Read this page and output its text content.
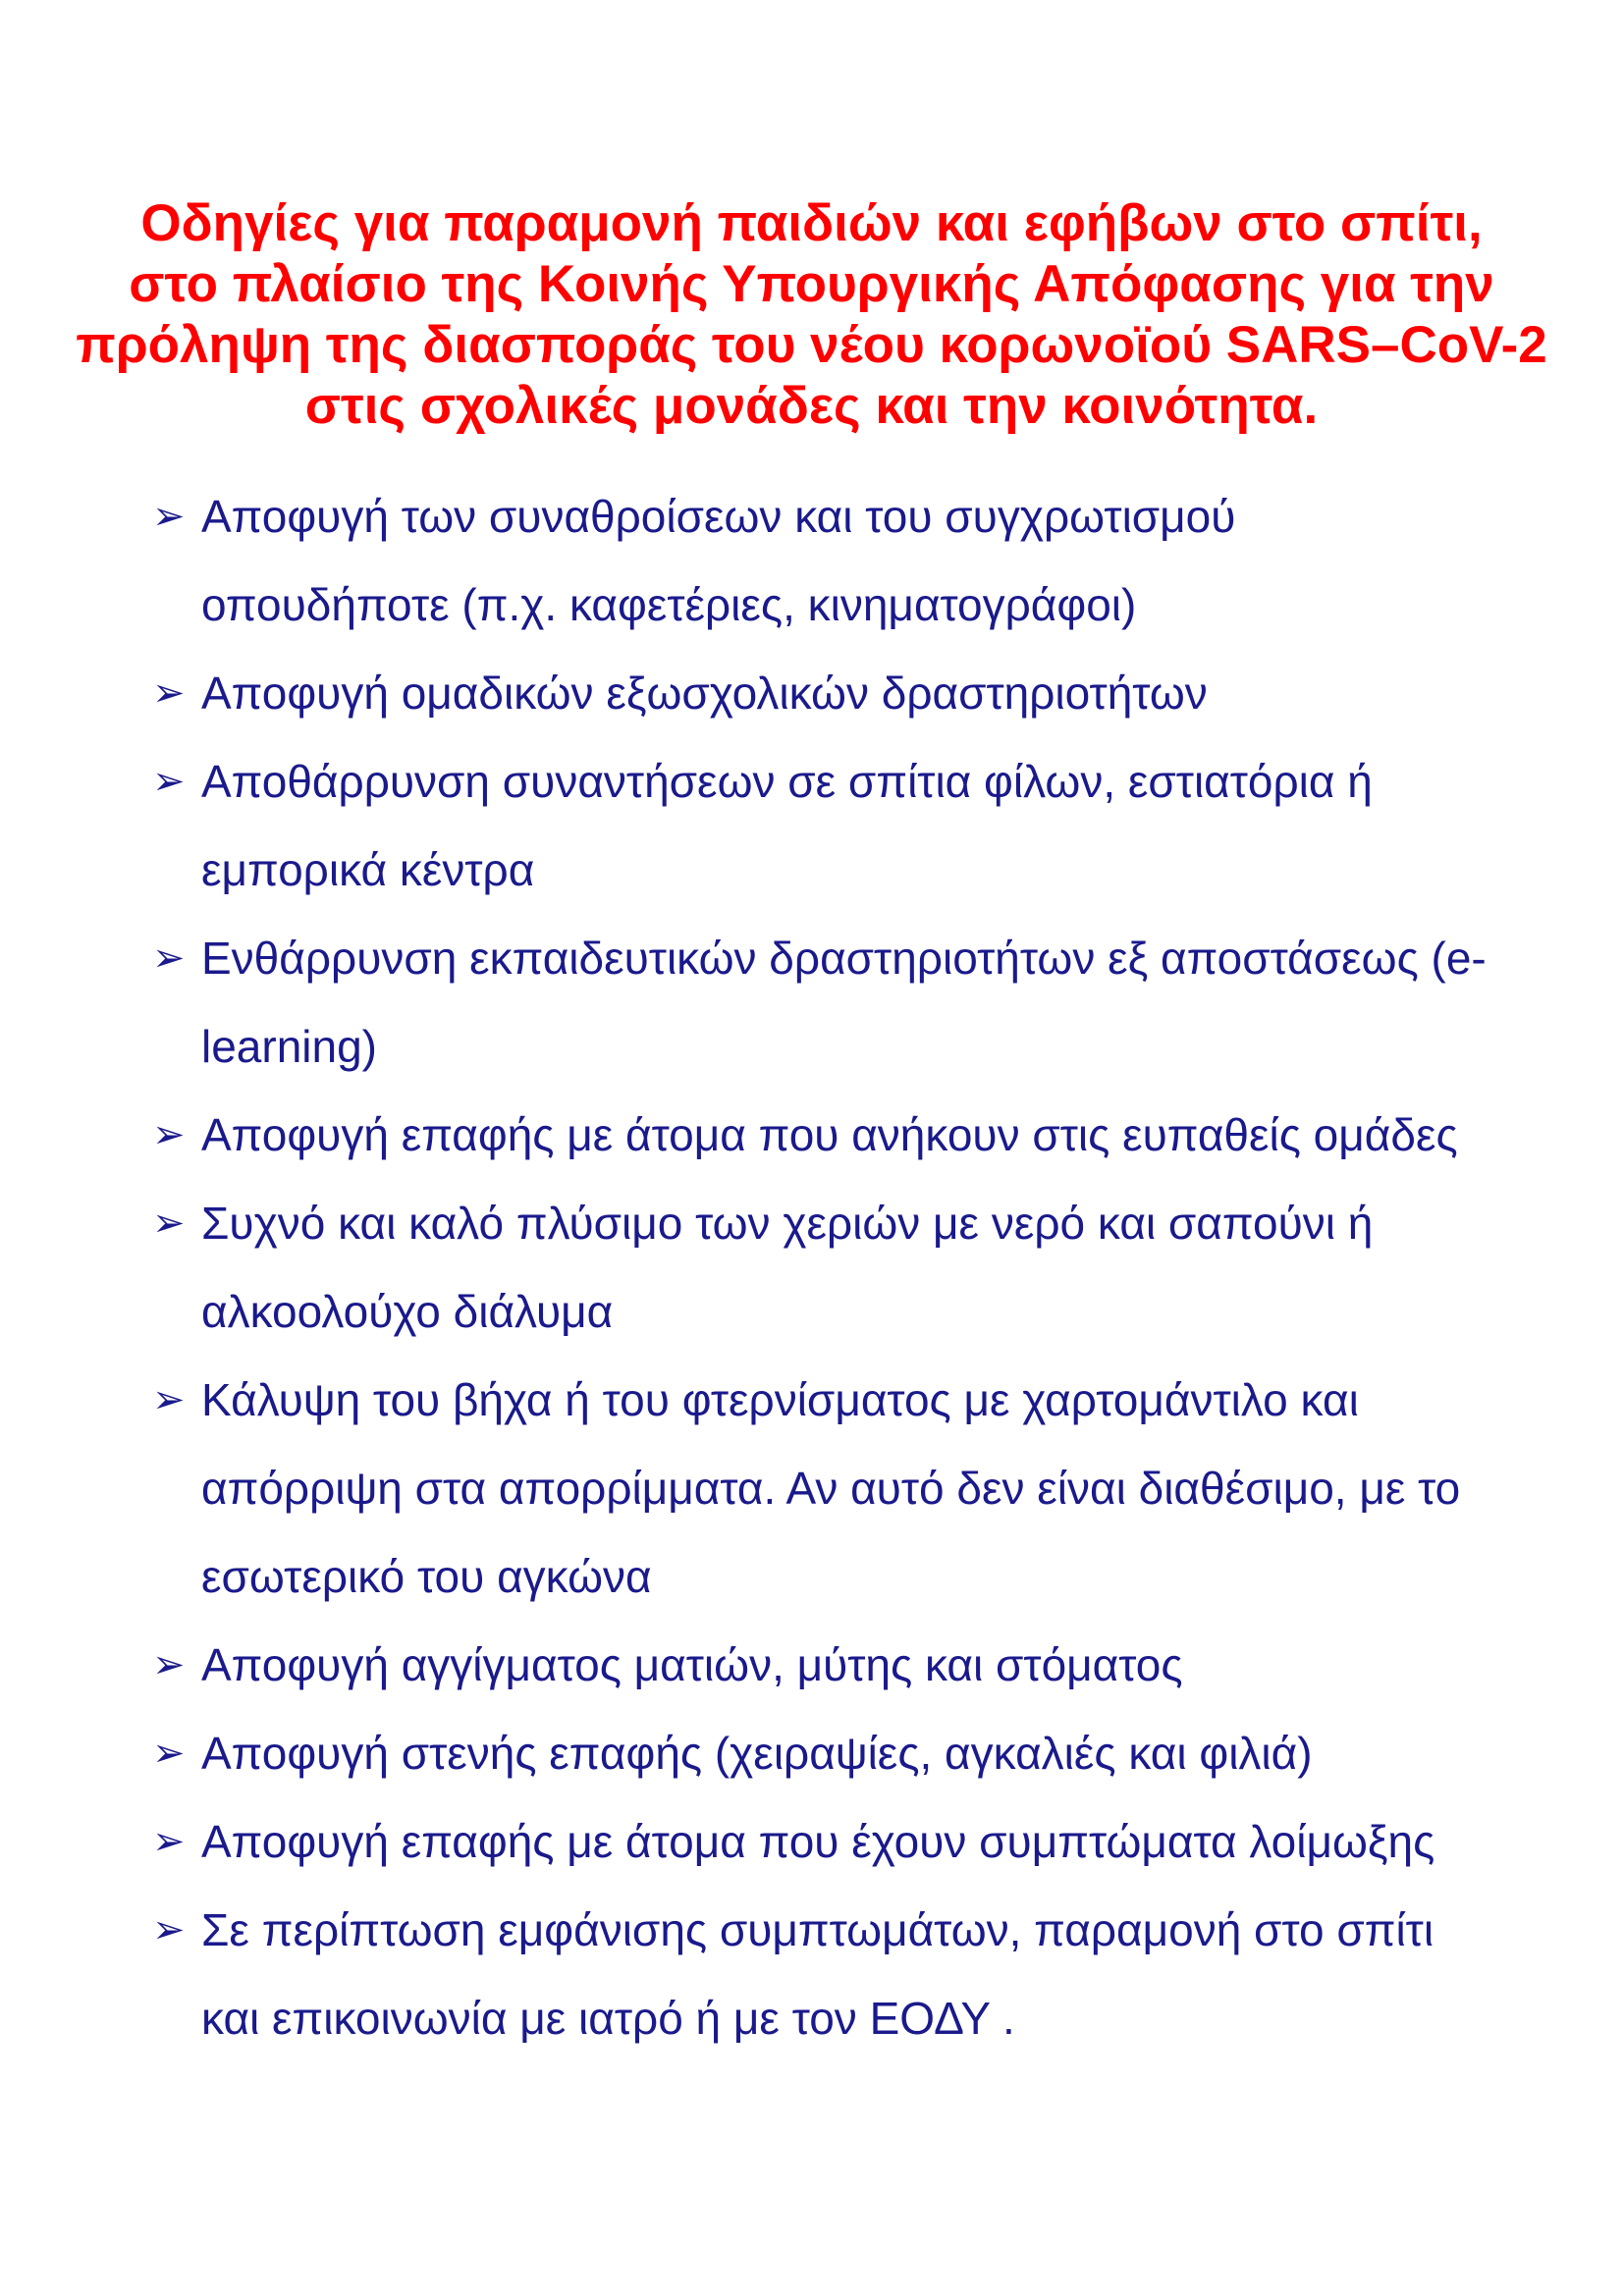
Οδηγίες για παραμονή παιδιών και εφήβων στο σπίτι,
στο πλαίσιο της Κοινής Υπουργικής Απόφασης για την
πρόληψη της διασποράς του νέου κορωνοϊού SARS–CoV-2
στις σχολικές μονάδες και την κοινότητα.
➢ Αποφυγή των συναθροίσεων και του συγχρωτισμού οπουδήποτε (π.χ. καφετέριες, κινηματογράφοι)
➢ Αποφυγή ομαδικών εξωσχολικών δραστηριοτήτων
➢ Αποθάρρυνση συναντήσεων σε σπίτια φίλων, εστιατόρια ή εμπορικά κέντρα
➢ Ενθάρρυνση εκπαιδευτικών δραστηριοτήτων εξ αποστάσεως (e-learning)
➢ Αποφυγή επαφής με άτομα που ανήκουν στις ευπαθείς ομάδες
➢ Συχνό και καλό πλύσιμο των χεριών με νερό και σαπούνι ή αλκοολούχο διάλυμα
➢ Κάλυψη του βήχα ή του φτερνίσματος με χαρτομάντιλο και απόρριψη στα απορρίμματα. Αν αυτό δεν είναι διαθέσιμο, με το εσωτερικό του αγκώνα
➢ Αποφυγή αγγίγματος ματιών, μύτης και στόματος
➢ Αποφυγή στενής επαφής (χειραψίες, αγκαλιές και φιλιά)
➢ Αποφυγή επαφής με άτομα που έχουν συμπτώματα λοίμωξης
➢ Σε περίπτωση εμφάνισης συμπτωμάτων, παραμονή στο σπίτι και επικοινωνία με ιατρό ή με τον ΕΟΔΥ .
